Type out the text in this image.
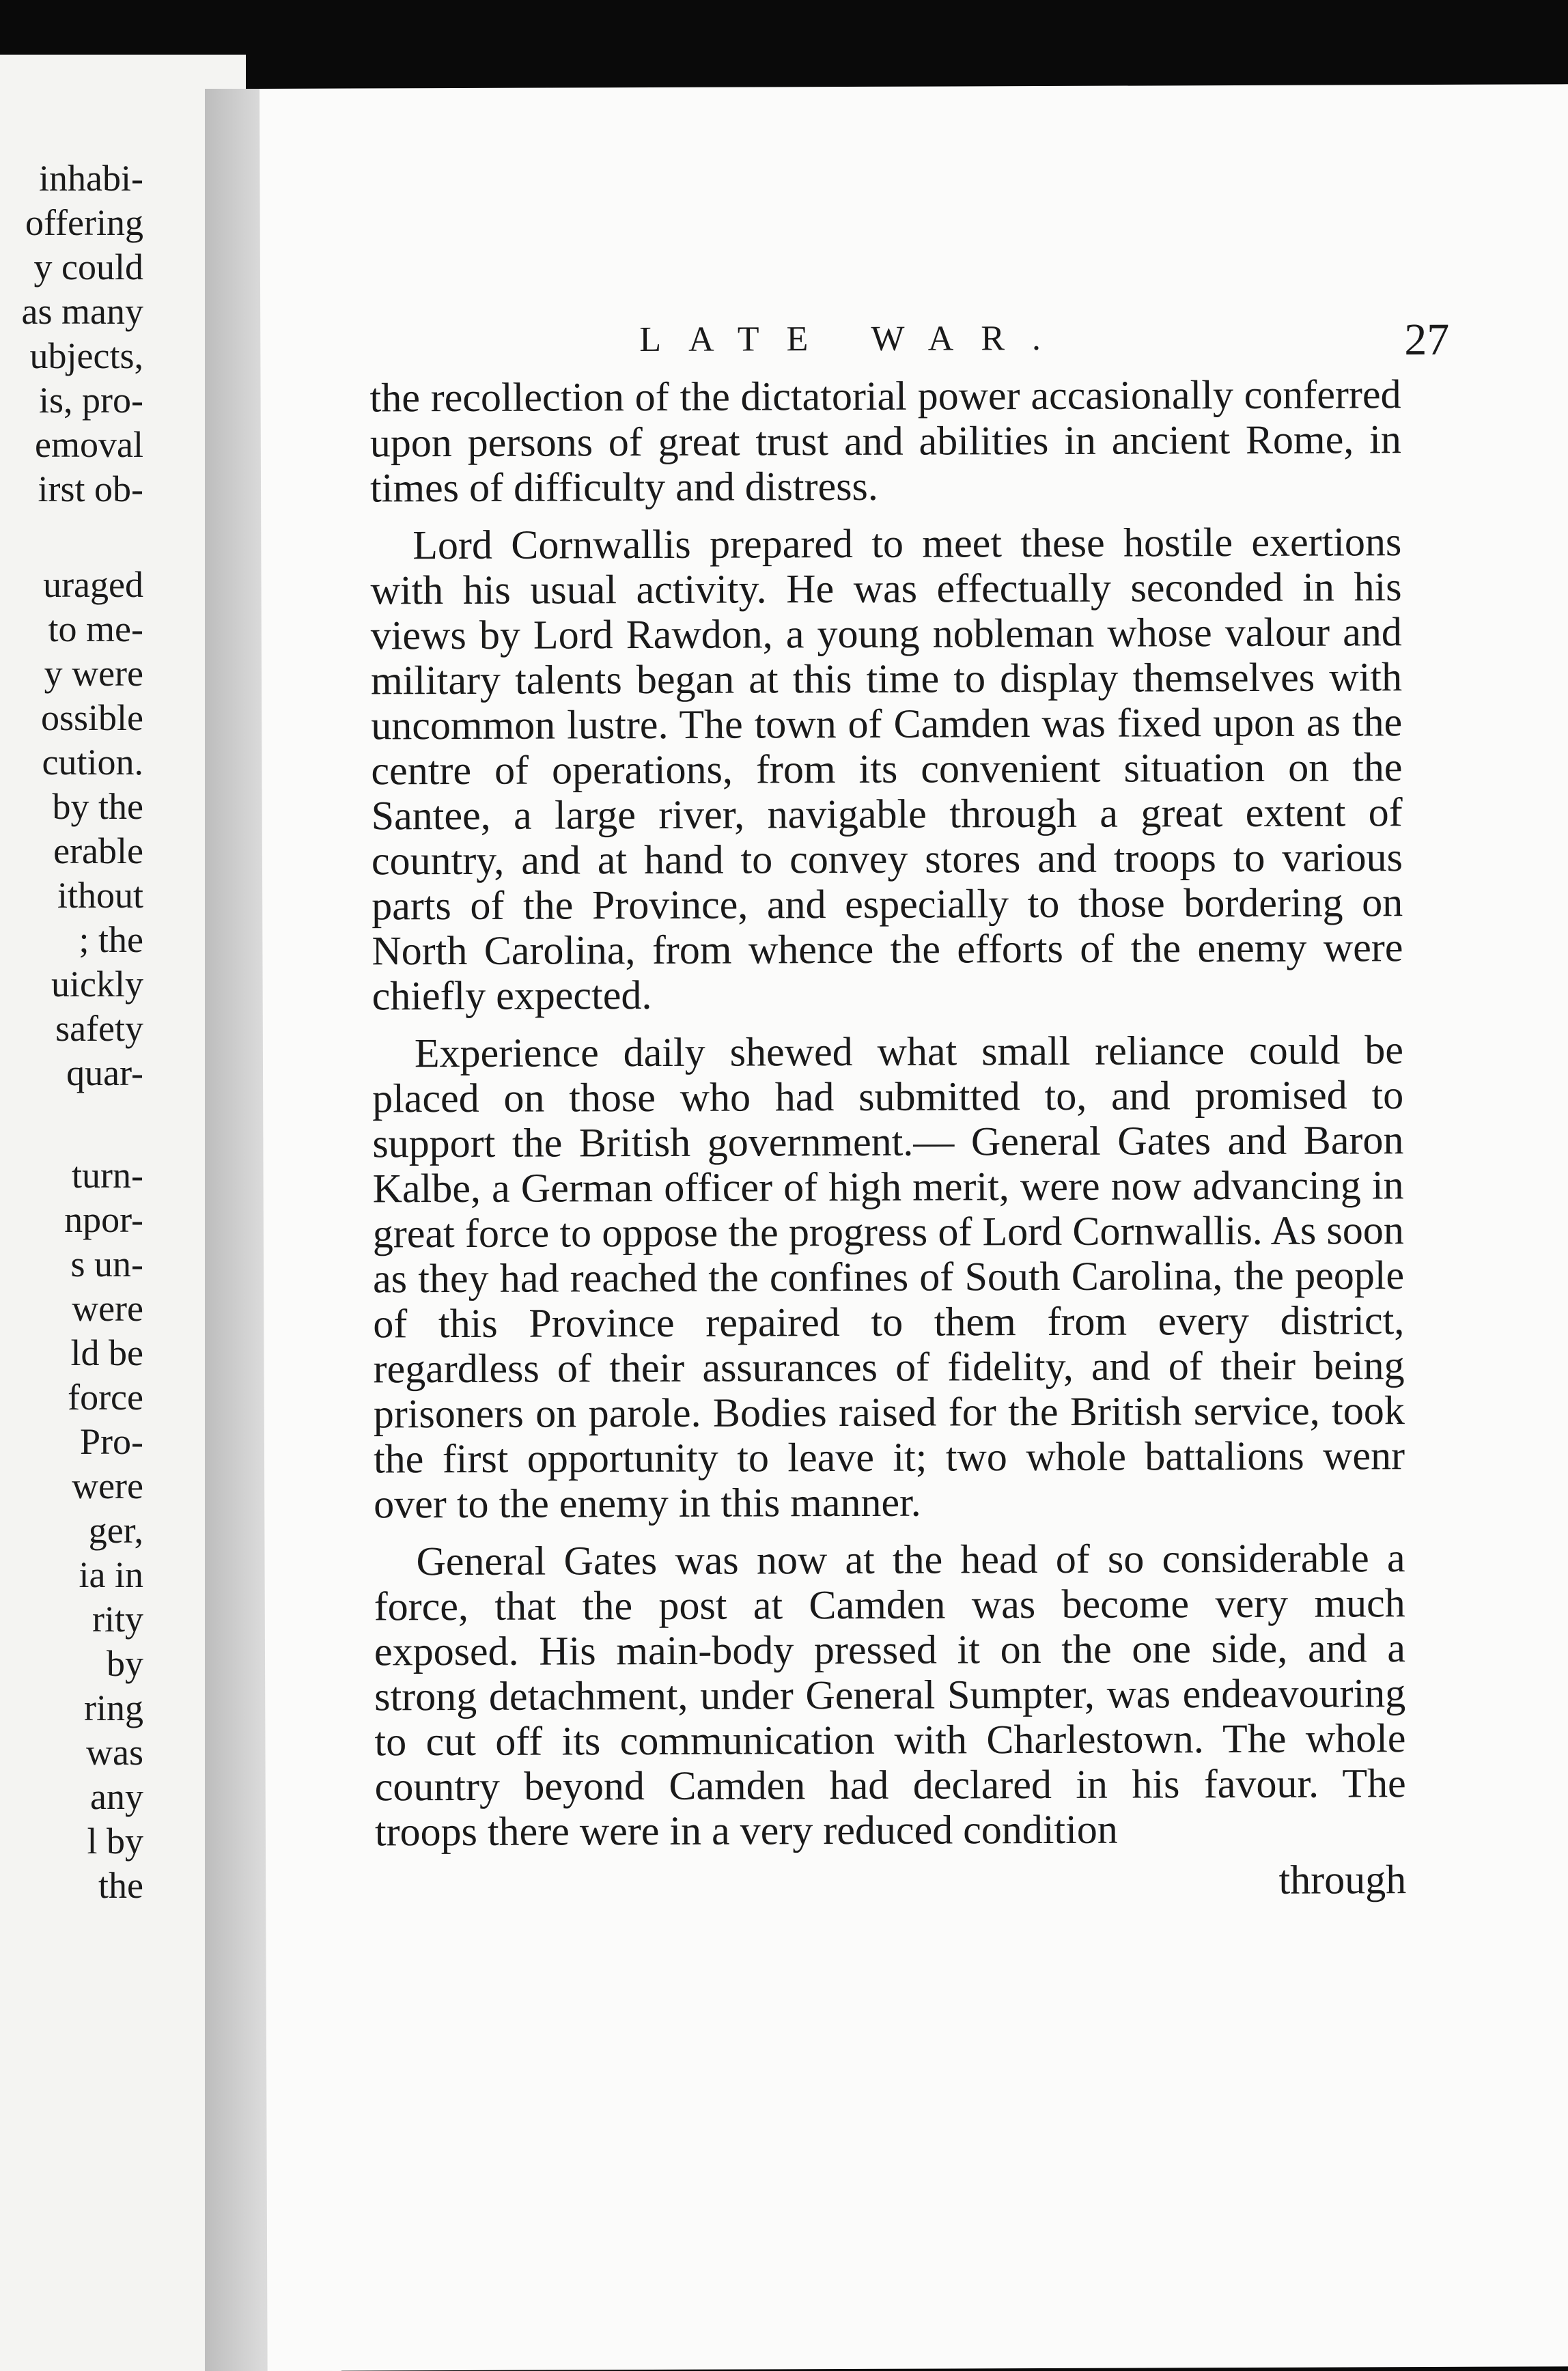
inhabi-
offering
y could
as many
ubjects,
is, pro-
emoval
irst ob-
uraged
to me-
y were
ossible
cution.
by the
erable
ithout
; the
uickly
safety
quar-
turn-
npor-
s un-
were
ld be
force
Pro-
were
ger,
ia in
rity
by
ring
was
any
l by
the
LATE WAR.	27

the recollection of the dictatorial power accasionally conferred upon persons of great trust and abilities in ancient Rome, in times of difficulty and distress.

Lord Cornwallis prepared to meet these hostile exertions with his usual activity. He was effectually seconded in his views by Lord Rawdon, a young nobleman whose valour and military talents began at this time to display themselves with uncommon lustre. The town of Camden was fixed upon as the centre of operations, from its convenient situation on the Santee, a large river, navigable through a great extent of country, and at hand to convey stores and troops to various parts of the Province, and especially to those bordering on North Carolina, from whence the efforts of the enemy were chiefly expected.

Experience daily shewed what small reliance could be placed on those who had submitted to, and promised to support the British government.— General Gates and Baron Kalbe, a German officer of high merit, were now advancing in great force to oppose the progress of Lord Cornwallis. As soon as they had reached the confines of South Carolina, the people of this Province repaired to them from every district, regardless of their assurances of fidelity, and of their being prisoners on parole. Bodies raised for the British service, took the first opportunity to leave it; two whole battalions wenr over to the enemy in this manner.

General Gates was now at the head of so considerable a force, that the post at Camden was become very much exposed. His main-body pressed it on the one side, and a strong detachment, under General Sumpter, was endeavouring to cut off its communication with Charlestown. The whole country beyond Camden had declared in his favour. The troops there were in a very reduced condition

through
